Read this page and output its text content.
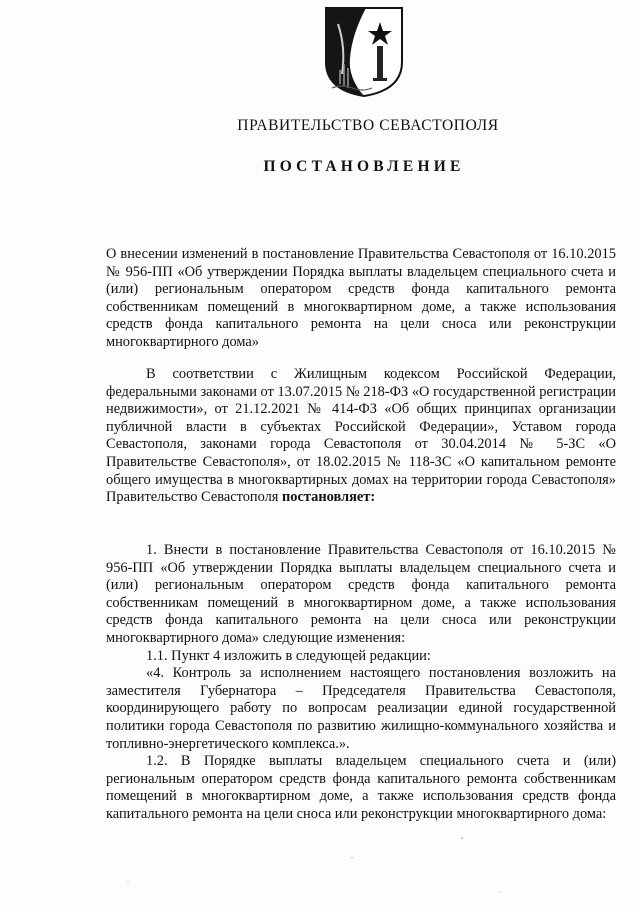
ПРАВИТЕЛЬСТВО СЕВАСТОПОЛЯ
ПОСТАНОВЛЕНИЕ
О внесении изменений в постановление Правительства Севастополя от 16.10.2015 № 956-ПП «Об утверждении Порядка выплаты владельцем специального счета и (или) региональным оператором средств фонда капитального ремонта собственникам помещений в многоквартирном доме, а также использования средств фонда капитального ремонта на цели сноса или реконструкции многоквартирного дома»
В соответствии с Жилищным кодексом Российской Федерации, федеральными законами от 13.07.2015 № 218-ФЗ «О государственной регистрации недвижимости», от 21.12.2021 № 414-ФЗ «Об общих принципах организации публичной власти в субъектах Российской Федерации», Уставом города Севастополя, законами города Севастополя от 30.04.2014 № 5-ЗС «О Правительстве Севастополя», от 18.02.2015 № 118-ЗС «О капитальном ремонте общего имущества в многоквартирных домах на территории города Севастополя» Правительство Севастополя постановляет:

1. Внести в постановление Правительства Севастополя от 16.10.2015 № 956-ПП «Об утверждении Порядка выплаты владельцем специального счета и (или) региональным оператором средств фонда капитального ремонта собственникам помещений в многоквартирном доме, а также использования средств фонда капитального ремонта на цели сноса или реконструкции многоквартирного дома» следующие изменения:

1.1. Пункт 4 изложить в следующей редакции:

«4. Контроль за исполнением настоящего постановления возложить на заместителя Губернатора – Председателя Правительства Севастополя, координирующего работу по вопросам реализации единой государственной политики города Севастополя по развитию жилищно-коммунального хозяйства и топливно-энергетического комплекса.».

1.2. В Порядке выплаты владельцем специального счета и (или) региональным оператором средств фонда капитального ремонта собственникам помещений в многоквартирном доме, а также использования средств фонда капитального ремонта на цели сноса или реконструкции многоквартирного дома:
